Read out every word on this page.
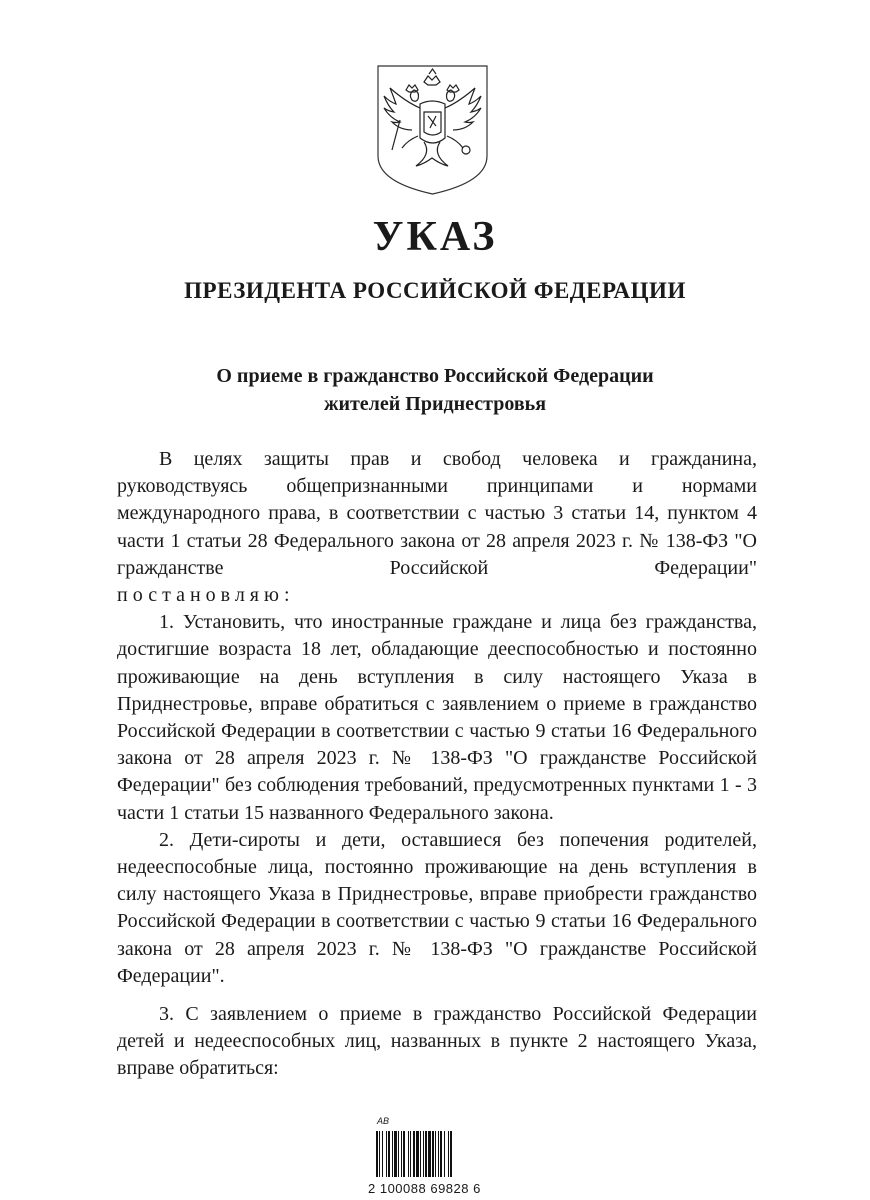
УКАЗ
ПРЕЗИДЕНТА РОССИЙСКОЙ ФЕДЕРАЦИИ
О приеме в гражданство Российской Федерации
жителей Приднестровья
В целях защиты прав и свобод человека и гражданина, руководствуясь общепризнанными принципами и нормами международного права, в соответствии с частью 3 статьи 14, пунктом 4 части 1 статьи 28 Федерального закона от 28 апреля 2023 г. № 138-ФЗ "О гражданстве Российской Федерации"
постановляю:
1. Установить, что иностранные граждане и лица без гражданства, достигшие возраста 18 лет, обладающие дееспособностью и постоянно проживающие на день вступления в силу настоящего Указа в Приднестровье, вправе обратиться с заявлением о приеме в гражданство Российской Федерации в соответствии с частью 9 статьи 16 Федерального закона от 28 апреля 2023 г. № 138-ФЗ "О гражданстве Российской Федерации" без соблюдения требований, предусмотренных пунктами 1 - 3 части 1 статьи 15 названного Федерального закона.
2. Дети-сироты и дети, оставшиеся без попечения родителей, недееспособные лица, постоянно проживающие на день вступления в силу настоящего Указа в Приднестровье, вправе приобрести гражданство Российской Федерации в соответствии с частью 9 статьи 16 Федерального закона от 28 апреля 2023 г. № 138-ФЗ "О гражданстве Российской Федерации".
3. С заявлением о приеме в гражданство Российской Федерации детей и недееспособных лиц, названных в пункте 2 настоящего Указа, вправе обратиться:
AB
2 100088 69828 6
